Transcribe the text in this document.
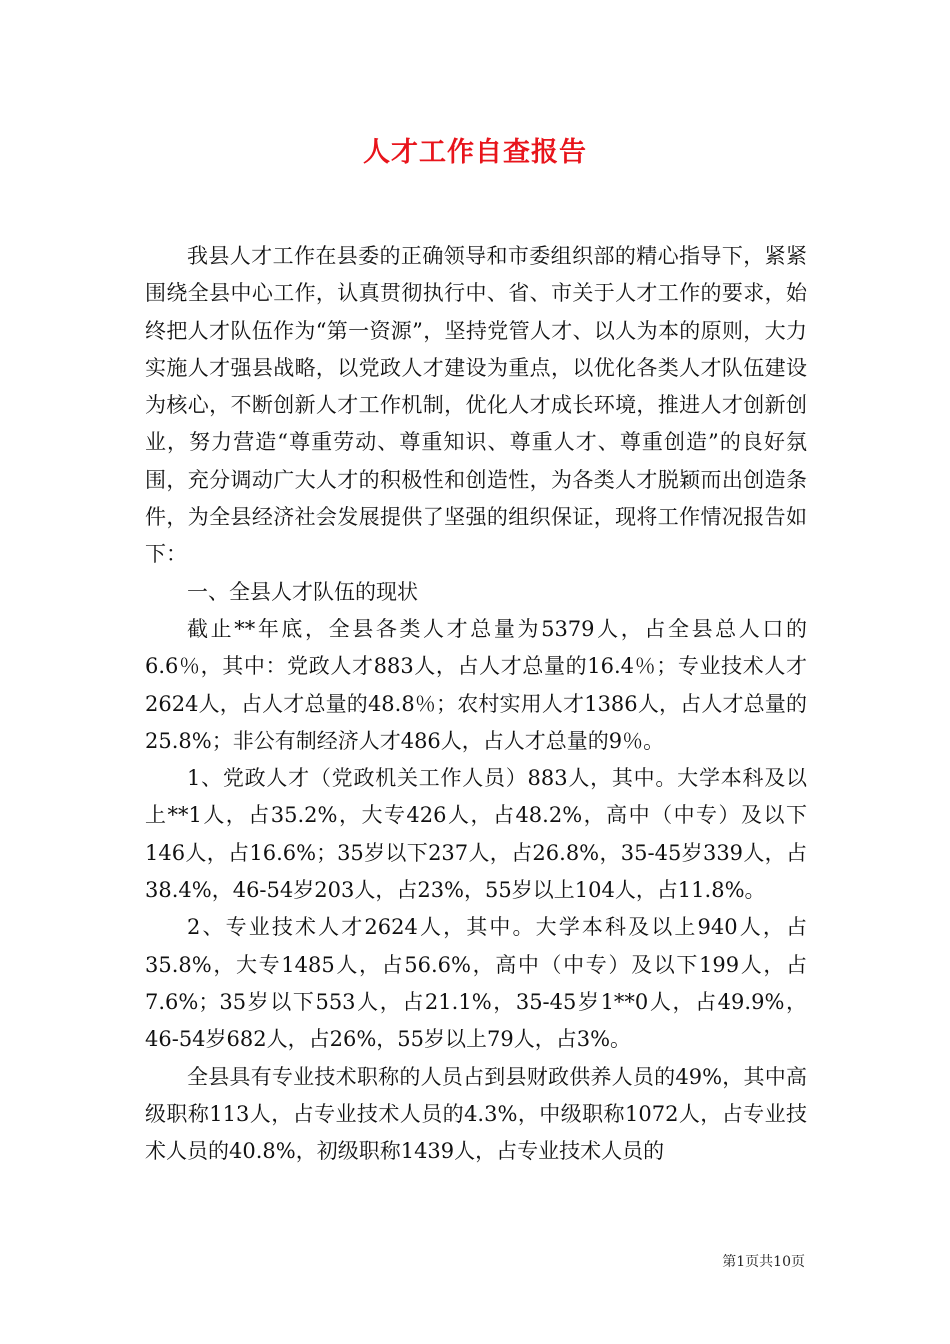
人才工作自查报告

我县人才工作在县委的正确领导和市委组织部的精心指导下，紧紧围绕全县中心工作，认真贯彻执行中、省、市关于人才工作的要求，始终把人才队伍作为“第一资源”，坚持党管人才、以人为本的原则，大力实施人才强县战略，以党政人才建设为重点，以优化各类人才队伍建设为核心，不断创新人才工作机制，优化人才成长环境，推进人才创新创业，努力营造“尊重劳动、尊重知识、尊重人才、尊重创造”的良好氛围，充分调动广大人才的积极性和创造性，为各类人才脱颖而出创造条件，为全县经济社会发展提供了坚强的组织保证，现将工作情况报告如下：

一、全县人才队伍的现状

截止**年底，全县各类人才总量为5379人，占全县总人口的6.6％，其中：党政人才883人，占人才总量的16.4％；专业技术人才2624人，占人才总量的48.8％；农村实用人才1386人，占人才总量的25.8%；非公有制经济人才486人，占人才总量的9％。

1、党政人才（党政机关工作人员）883人，其中。大学本科及以上**1人，占35.2%，大专426人，占48.2%，高中（中专）及以下146人，占16.6%；35岁以下237人，占26.8%，35-45岁339人，占38.4%，46-54岁203人，占23%，55岁以上104人，占11.8%。

2、专业技术人才2624人，其中。大学本科及以上940人，占35.8%，大专1485人，占56.6%，高中（中专）及以下199人，占7.6%；35岁以下553人，占21.1%，35-45岁1**0人，占49.9%，46-54岁682人，占26%，55岁以上79人，占3%。

全县具有专业技术职称的人员占到县财政供养人员的49%，其中高级职称113人，占专业技术人员的4.3%，中级职称1072人，占专业技术人员的40.8%，初级职称1439人，占专业技术人员的

第1页共10页
